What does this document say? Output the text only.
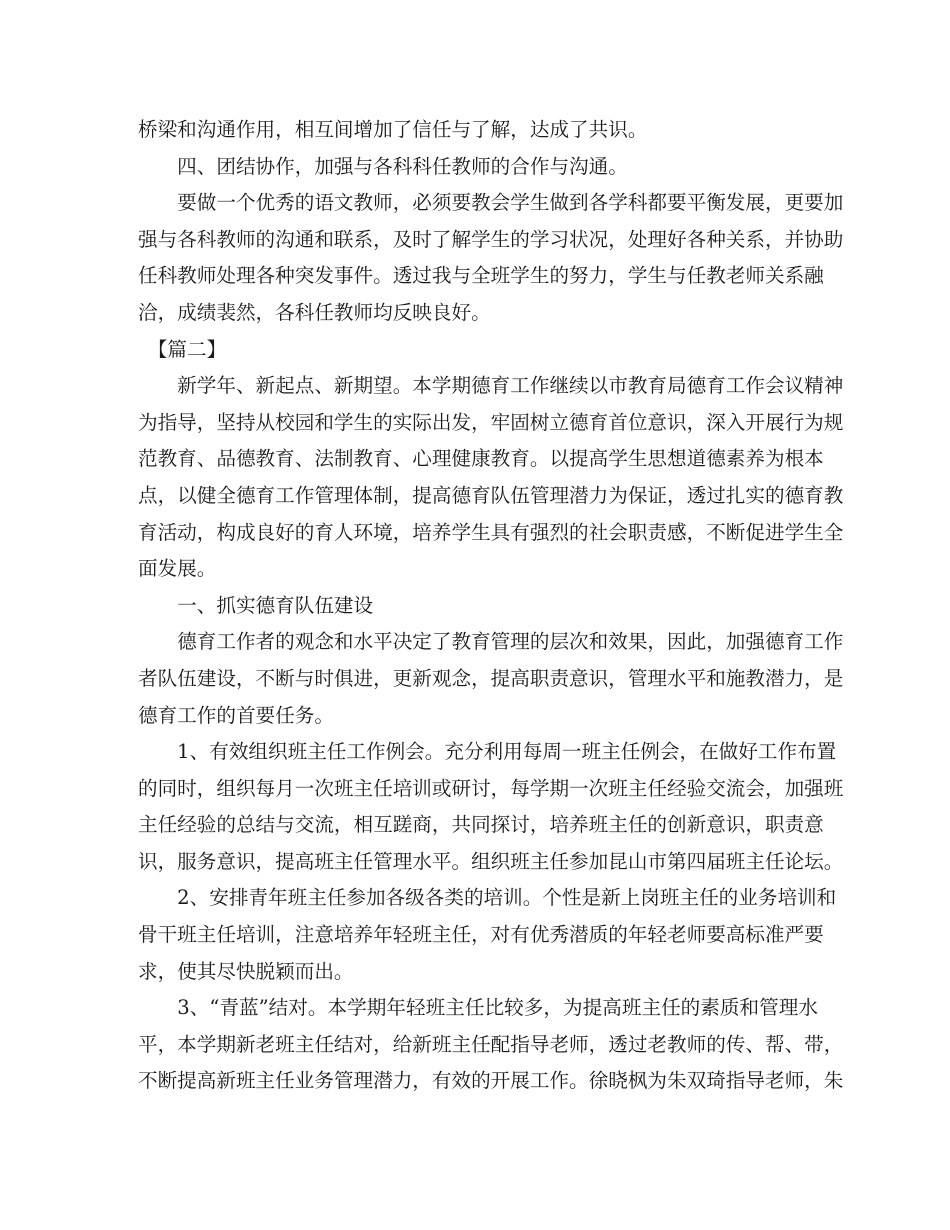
桥梁和沟通作用，相互间增加了信任与了解，达成了共识。
　　四、团结协作，加强与各科科任教师的合作与沟通。
　　要做一个优秀的语文教师，必须要教会学生做到各学科都要平衡发展，更要加
强与各科教师的沟通和联系，及时了解学生的学习状况，处理好各种关系，并协助
任科教师处理各种突发事件。透过我与全班学生的努力，学生与任教老师关系融
洽，成绩裴然，各科任教师均反映良好。
　【篇二】
　　新学年、新起点、新期望。本学期德育工作继续以市教育局德育工作会议精神
为指导，坚持从校园和学生的实际出发，牢固树立德育首位意识，深入开展行为规
范教育、品德教育、法制教育、心理健康教育。以提高学生思想道德素养为根本
点，以健全德育工作管理体制，提高德育队伍管理潜力为保证，透过扎实的德育教
育活动，构成良好的育人环境，培养学生具有强烈的社会职责感，不断促进学生全
面发展。
　　一、抓实德育队伍建设
　　德育工作者的观念和水平决定了教育管理的层次和效果，因此，加强德育工作
者队伍建设，不断与时俱进，更新观念，提高职责意识，管理水平和施教潜力，是
德育工作的首要任务。
　　1、有效组织班主任工作例会。充分利用每周一班主任例会，在做好工作布置
的同时，组织每月一次班主任培训或研讨，每学期一次班主任经验交流会，加强班
主任经验的总结与交流，相互蹉商，共同探讨，培养班主任的创新意识，职责意
识，服务意识，提高班主任管理水平。组织班主任参加昆山市第四届班主任论坛。
　　2、安排青年班主任参加各级各类的培训。个性是新上岗班主任的业务培训和
骨干班主任培训，注意培养年轻班主任，对有优秀潜质的年轻老师要高标准严要
求，使其尽快脱颖而出。
　　3、“青蓝”结对。本学期年轻班主任比较多，为提高班主任的素质和管理水
平，本学期新老班主任结对，给新班主任配指导老师，透过老教师的传、帮、带，
不断提高新班主任业务管理潜力，有效的开展工作。徐晓枫为朱双琦指导老师，朱
